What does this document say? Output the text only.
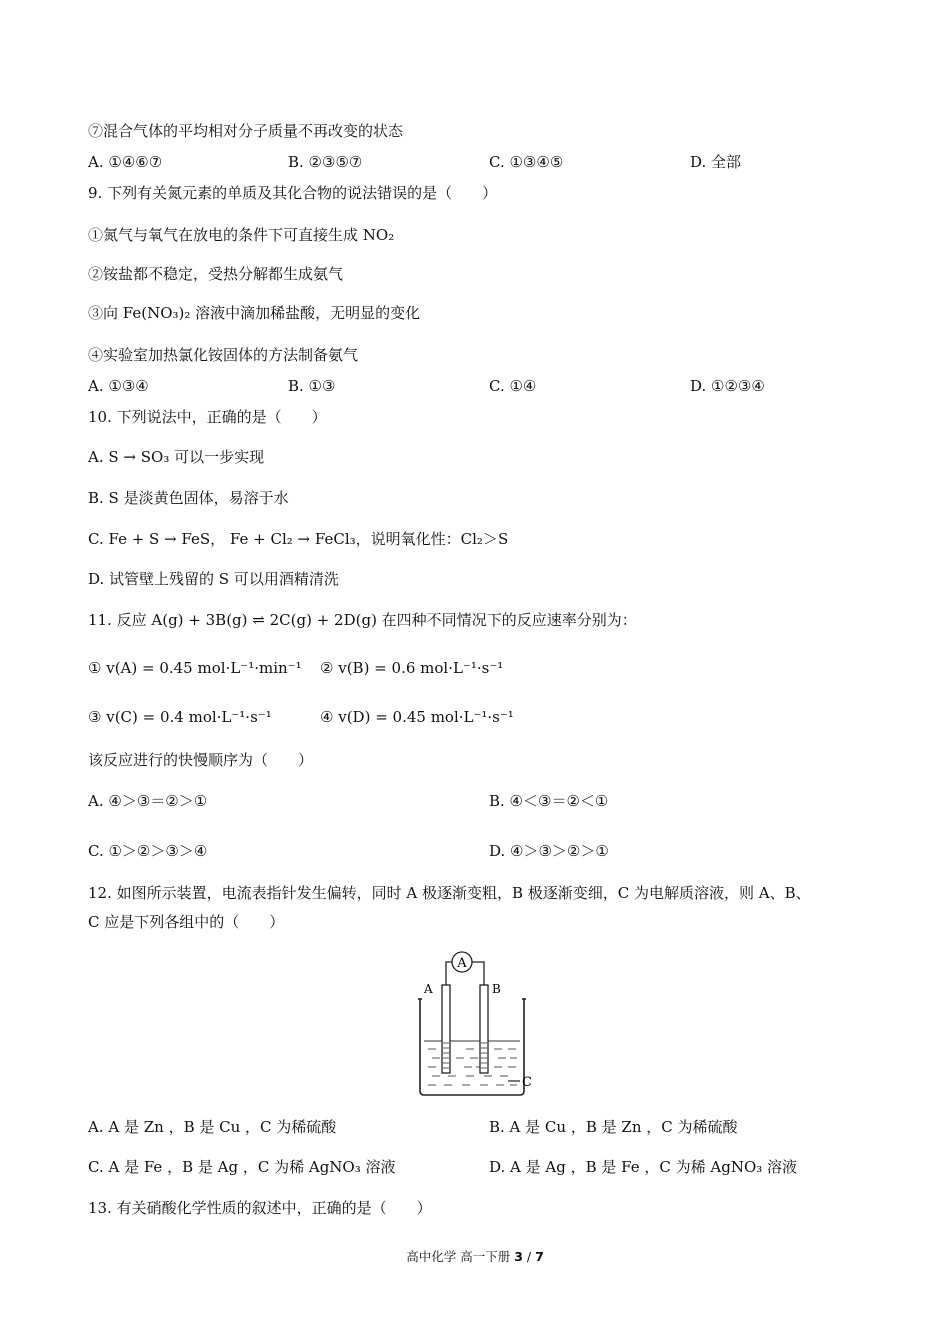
⑦混合气体的平均相对分子质量不再改变的状态
A. ①④⑥⑦	B. ②③⑤⑦	C. ①③④⑤	D. 全部
9. 下列有关氮元素的单质及其化合物的说法错误的是（　　）
①氮气与氧气在放电的条件下可直接生成 NO₂
②铵盐都不稳定，受热分解都生成氨气
③向 Fe(NO₃)₂ 溶液中滴加稀盐酸，无明显的变化
④实验室加热氯化铵固体的方法制备氨气
A. ①③④	B. ①③	C. ①④	D. ①②③④
10. 下列说法中，正确的是（　　）
A. S → SO₃ 可以一步实现
B. S 是淡黄色固体，易溶于水
C. Fe + S → FeS， Fe + Cl₂ → FeCl₃，说明氧化性：Cl₂＞S
D. 试管壁上残留的 S 可以用酒精清洗
11. 反应 A(g) + 3B(g) ⇌ 2C(g) + 2D(g) 在四种不同情况下的反应速率分别为：
① v(A) = 0.45 mol·L⁻¹·min⁻¹ ② v(B) = 0.6 mol·L⁻¹·s⁻¹
③ v(C) = 0.4 mol·L⁻¹·s⁻¹	④ v(D) = 0.45 mol·L⁻¹·s⁻¹
该反应进行的快慢顺序为（　　）
A. ④＞③＝②＞①	B. ④＜③＝②＜①
C. ①＞②＞③＞④	D. ④＞③＞②＞①
12. 如图所示装置，电流表指针发生偏转，同时 A 极逐渐变粗，B 极逐渐变细，C 为电解质溶液，则 A、B、
C 应是下列各组中的（　　）
A
A	B
C
A. A 是 Zn ，B 是 Cu ，C 为稀硫酸	B. A 是 Cu ，B 是 Zn ，C 为稀硫酸
C. A 是 Fe ，B 是 Ag ，C 为稀 AgNO₃ 溶液	D. A 是 Ag ，B 是 Fe ，C 为稀 AgNO₃ 溶液
13. 有关硝酸化学性质的叙述中，正确的是（　　）
高中化学 高一下册 3 / 7
